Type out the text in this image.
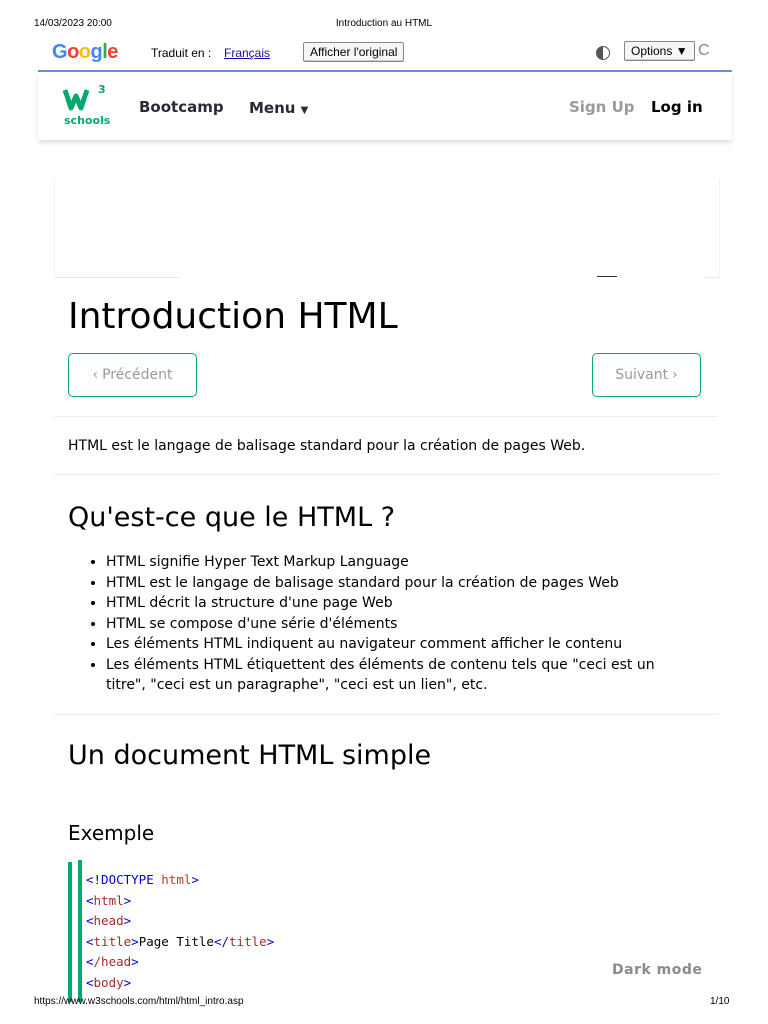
14/03/2023 20:00	Introduction au HTML
Google	Traduit en : Français	Afficher l'original	Options ▼ C
3
schools
Bootcamp Menu ▼	Sign Up Log in
Introduction HTML
‹ Précédent	Suivant ›
HTML est le langage de balisage standard pour la création de pages Web.
Qu'est-ce que le HTML ?
• HTML signifie Hyper Text Markup Language
• HTML est le langage de balisage standard pour la création de pages Web
• HTML décrit la structure d'une page Web
• HTML se compose d'une série d'éléments
• Les éléments HTML indiquent au navigateur comment afficher le contenu
• Les éléments HTML étiquettent des éléments de contenu tels que "ceci est un titre", "ceci est un paragraphe", "ceci est un lien", etc.
Un document HTML simple
Exemple
<!DOCTYPE html>
<html>
<head>
<title>Page Title</title>
</head>
<body>
Dark mode
https://www.w3schools.com/html/html_intro.asp	1/10
